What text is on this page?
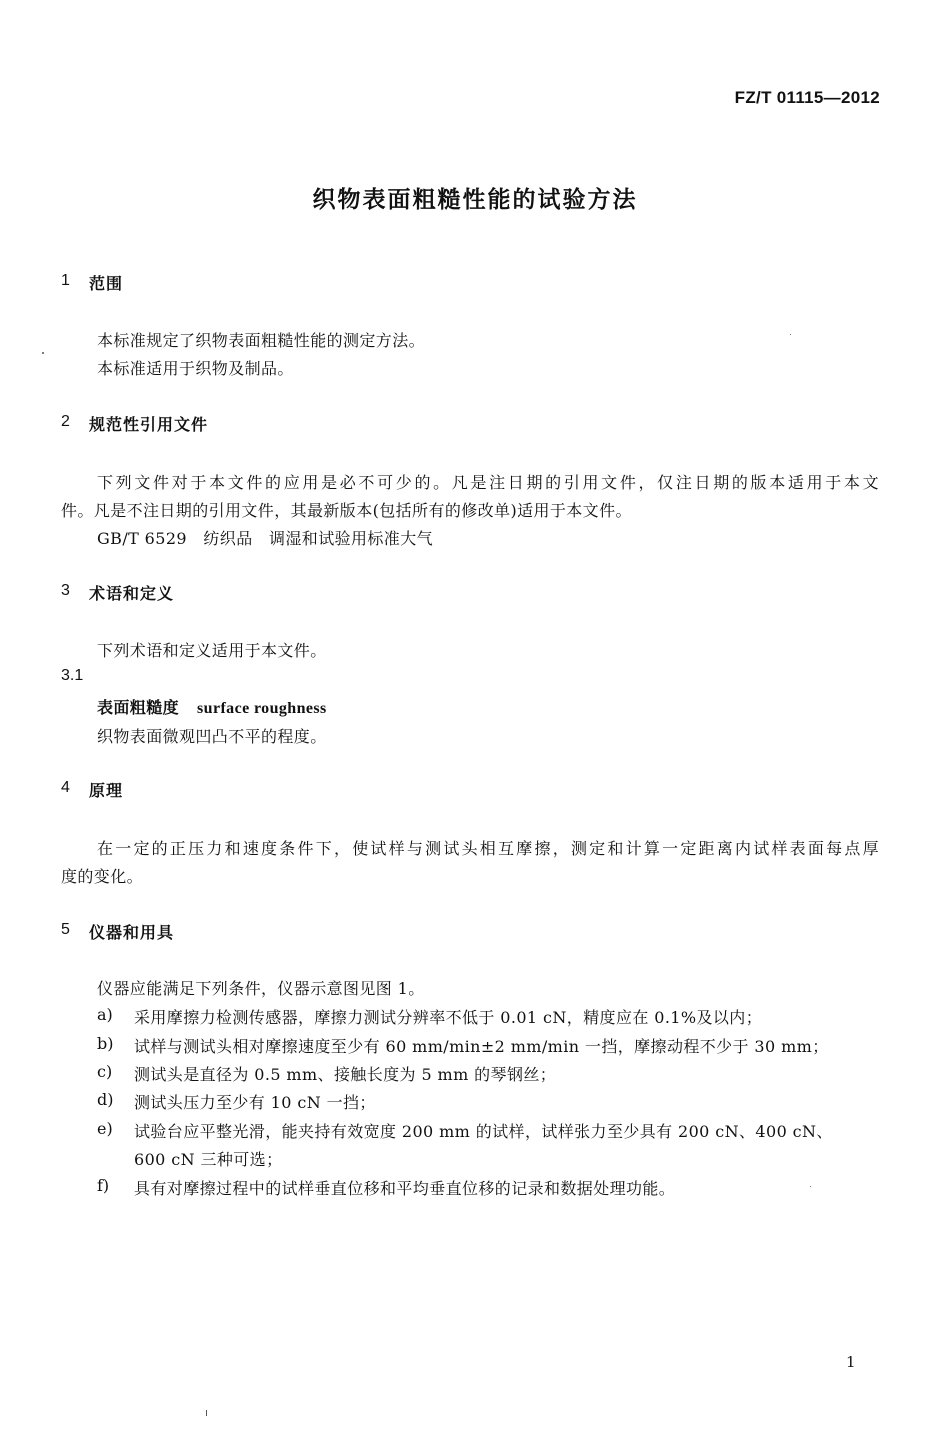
FZ/T 01115—2012
织物表面粗糙性能的试验方法
1 范围
本标准规定了织物表面粗糙性能的测定方法。
本标准适用于织物及制品。
2 规范性引用文件
下列文件对于本文件的应用是必不可少的。凡是注日期的引用文件，仅注日期的版本适用于本文
件。凡是不注日期的引用文件，其最新版本(包括所有的修改单)适用于本文件。
GB/T 6529　纺织品　调湿和试验用标准大气
3 术语和定义
下列术语和定义适用于本文件。
3.1
表面粗糙度 surface roughness
织物表面微观凹凸不平的程度。
4 原理
在一定的正压力和速度条件下，使试样与测试头相互摩擦，测定和计算一定距离内试样表面每点厚
度的变化。
5 仪器和用具
仪器应能满足下列条件，仪器示意图见图 1。
a) 采用摩擦力检测传感器，摩擦力测试分辨率不低于 0.01 cN，精度应在 0.1%及以内；
b) 试样与测试头相对摩擦速度至少有 60 mm/min±2 mm/min 一挡，摩擦动程不少于 30 mm；
c) 测试头是直径为 0.5 mm、接触长度为 5 mm 的琴钢丝；
d) 测试头压力至少有 10 cN 一挡；
e) 试验台应平整光滑，能夹持有效宽度 200 mm 的试样，试样张力至少具有 200 cN、400 cN、
600 cN 三种可选；
f) 具有对摩擦过程中的试样垂直位移和平均垂直位移的记录和数据处理功能。
1
